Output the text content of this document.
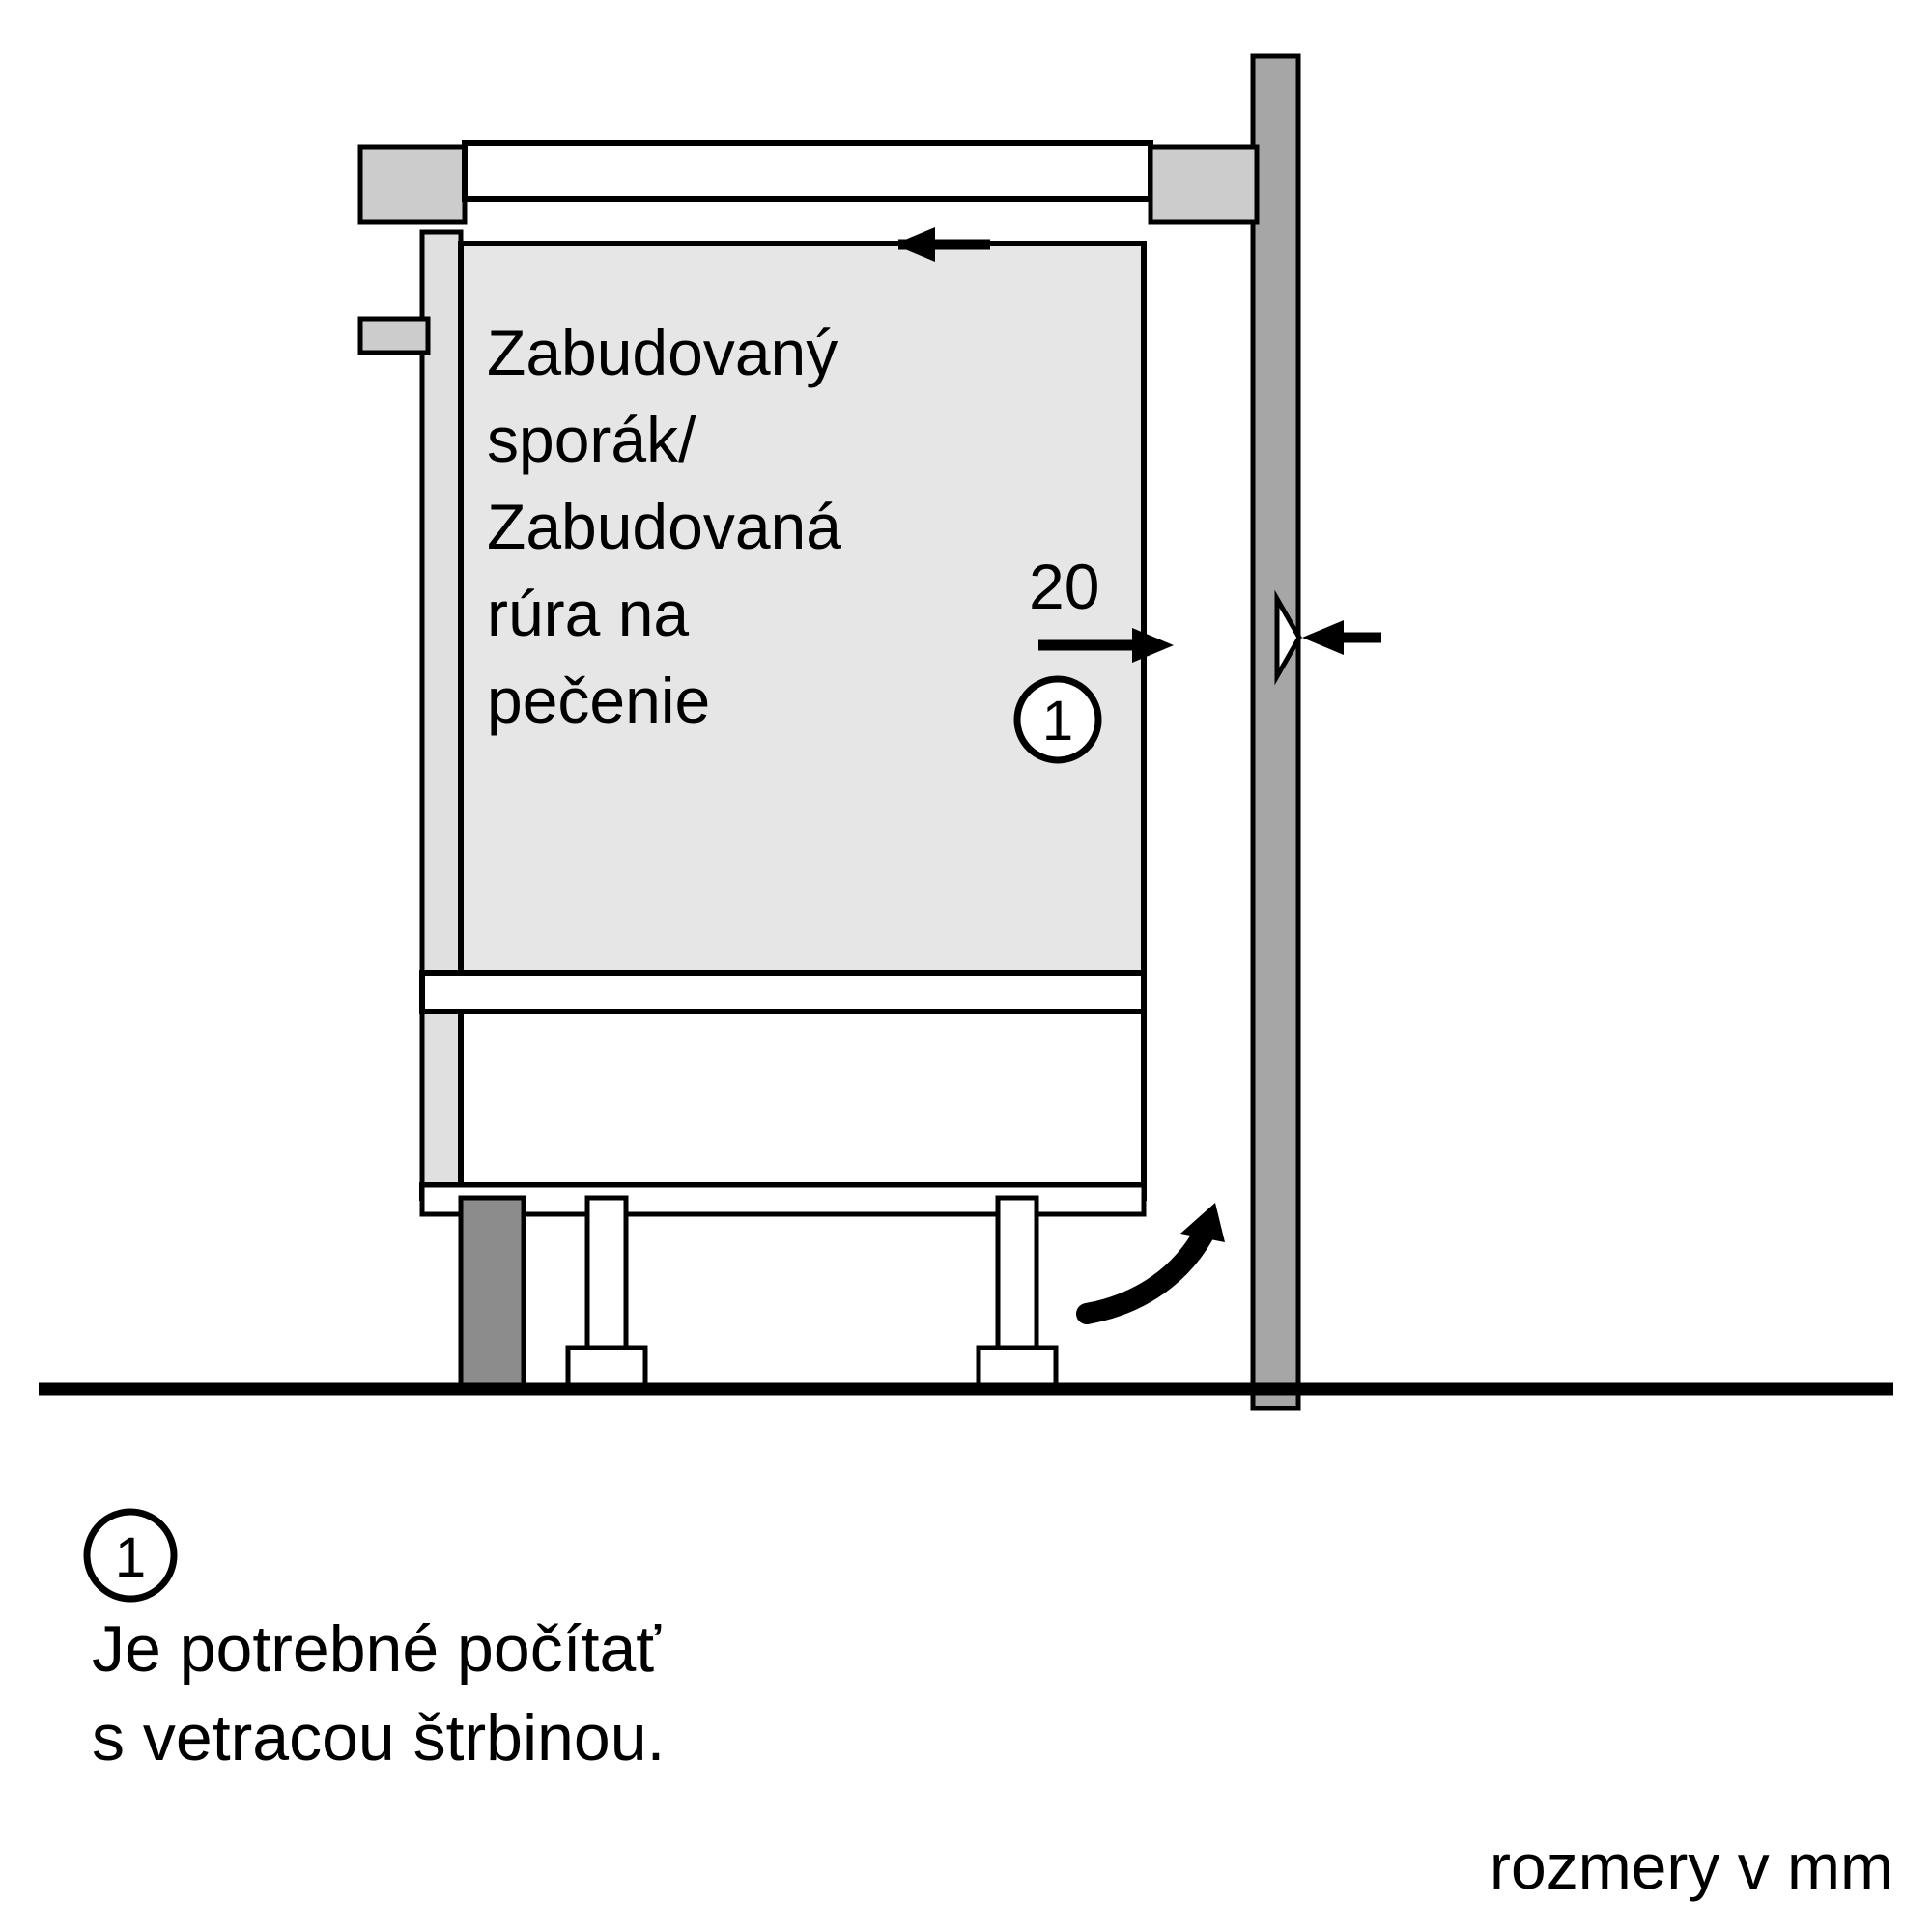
Zabudovaný
sporák/
Zabudovaná
rúra na
pečenie
20
1
1
Je potrebné počítať
s vetracou štrbinou.
rozmery v mm
